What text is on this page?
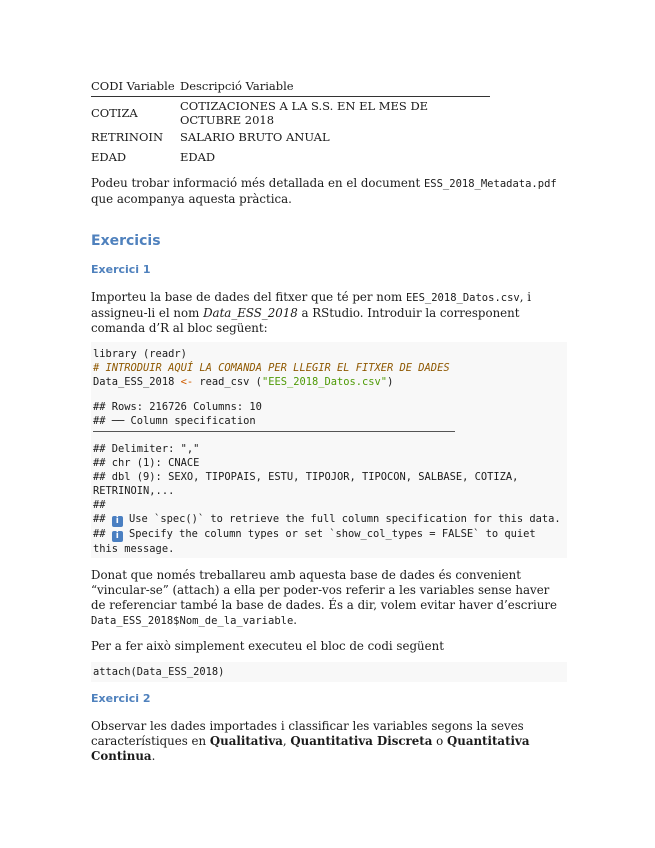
CODI Variable	Descripció Variable
COTIZA	COTIZACIONES A LA S.S. EN EL MES DE OCTUBRE 2018
RETRINOIN	SALARIO BRUTO ANUAL
EDAD	EDAD

Podeu trobar informació més detallada en el document ESS_2018_Metadata.pdf que acompanya aquesta pràctica.

Exercicis
Exercici 1

Importeu la base de dades del fitxer que té per nom EES_2018_Datos.csv, i assigneu-li el nom Data_ESS_2018 a RStudio. Introduir la corresponent comanda d’R al bloc següent:

library (readr)
# INTRODUIR AQUÍ LA COMANDA PER LLEGIR EL FITXER DE DADES
Data_ESS_2018 <- read_csv ("EES_2018_Datos.csv")
## Rows: 216726 Columns: 10
## ── Column specification
## Delimiter: ","
## chr (1): CNACE
## dbl (9): SEXO, TIPOPAIS, ESTU, TIPOJOR, TIPOCON, SALBASE, COTIZA, RETRINOIN,...
##
## i Use `spec()` to retrieve the full column specification for this data.
## i Specify the column types or set `show_col_types = FALSE` to quiet this message.

Donat que només treballareu amb aquesta base de dades és convenient “vincular-se” (attach) a ella per poder-vos referir a les variables sense haver de referenciar també la base de dades. És a dir, volem evitar haver d’escriure Data_ESS_2018$Nom_de_la_variable.

Per a fer això simplement executeu el bloc de codi següent

attach(Data_ESS_2018)
Exercici 2

Observar les dades importades i classificar les variables segons la seves característiques en Qualitativa, Quantitativa Discreta o Quantitativa Continua.
